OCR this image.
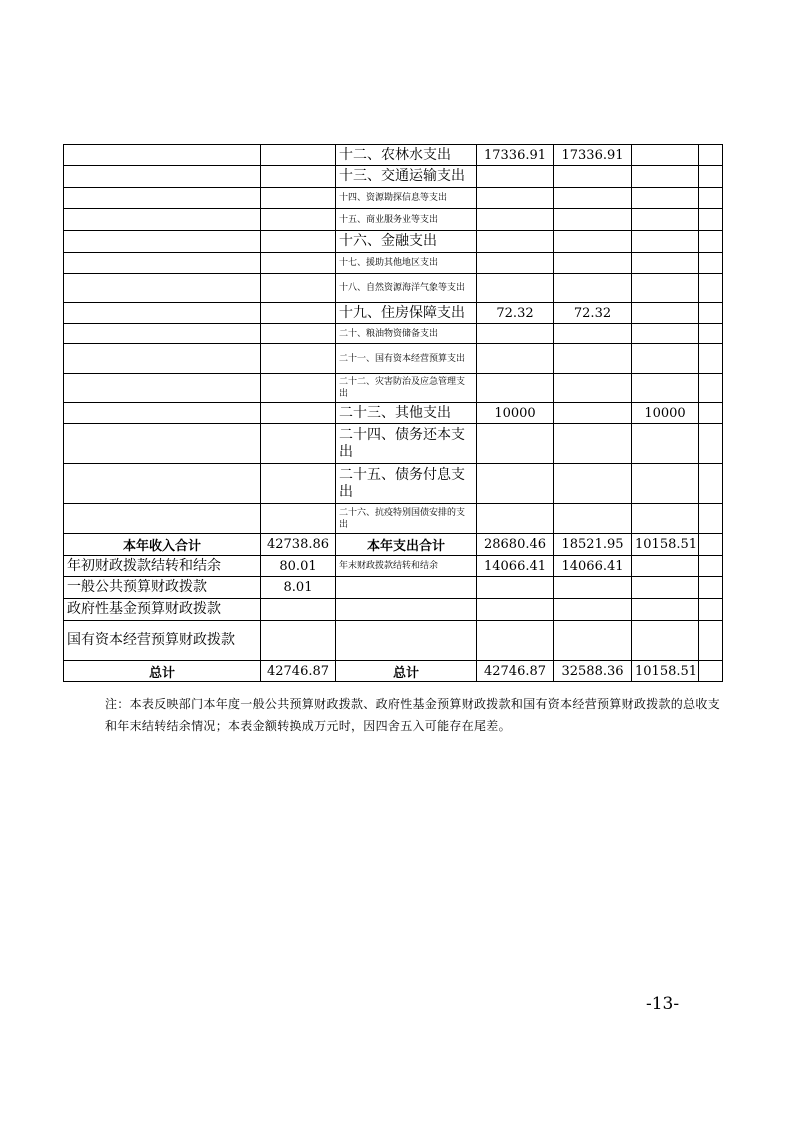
		十二、农林水支出	17336.91	17336.91		
		十三、交通运输支出				
		十四、资源勘探信息等支出				
		十五、商业服务业等支出				
		十六、金融支出				
		十七、援助其他地区支出				
		十八、自然资源海洋气象等支出				
		十九、住房保障支出	72.32	72.32		
		二十、粮油物资储备支出				
		二十一、国有资本经营预算支出				
		二十二、灾害防治及应急管理支出				
		二十三、其他支出	10000		10000	
		二十四、债务还本支出				
		二十五、债务付息支出				
		二十六、抗疫特别国债安排的支出				
本年收入合计	42738.86	本年支出合计	28680.46	18521.95	10158.51	
年初财政拨款结转和结余	80.01	年末财政拨款结转和结余	14066.41	14066.41		
一般公共预算财政拨款	8.01					
政府性基金预算财政拨款						
国有资本经营预算财政拨款						
总计	42746.87	总计	42746.87	32588.36	10158.51	
注：本表反映部门本年度一般公共预算财政拨款、政府性基金预算财政拨款和国有资本经营预算财政拨款的总收支和年末结转结余情况；本表金额转换成万元时，因四舍五入可能存在尾差。
-13-
